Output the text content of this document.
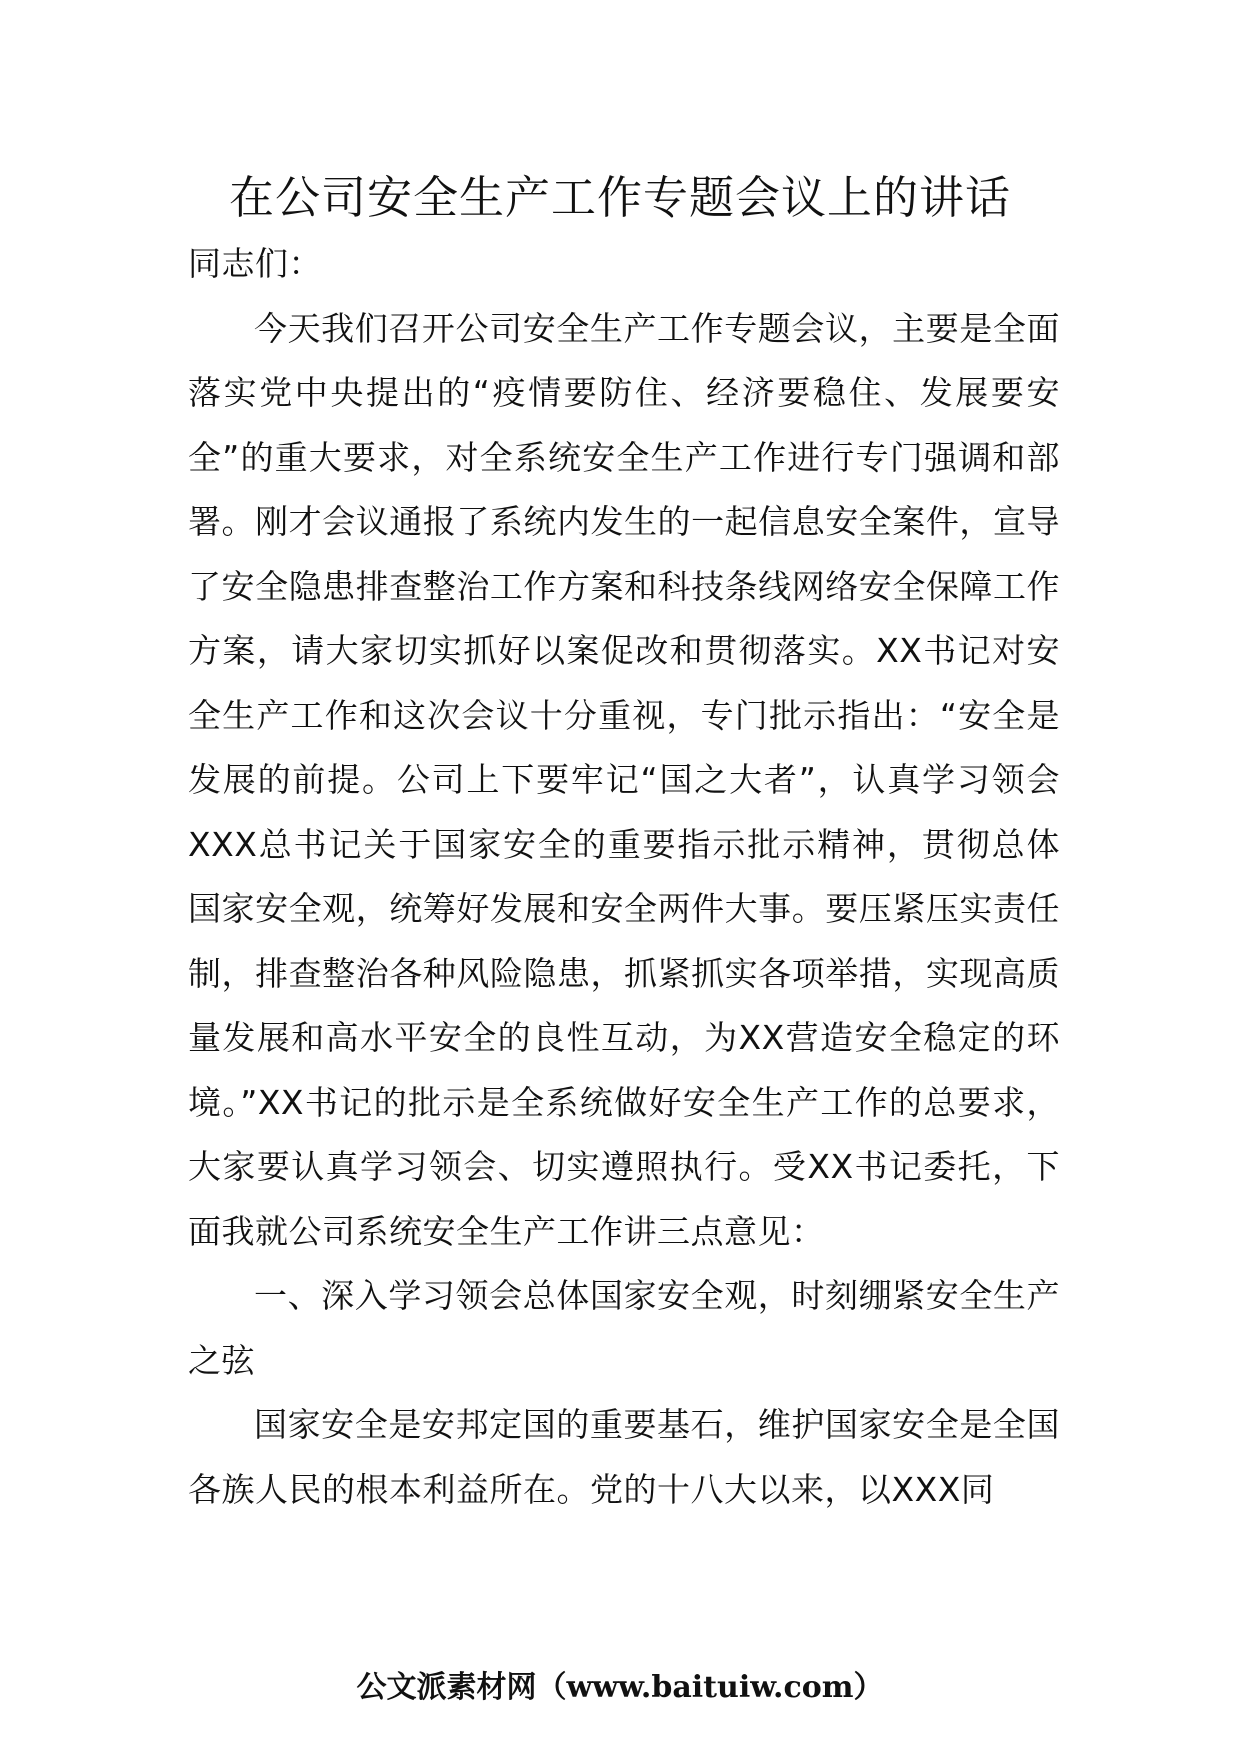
在公司安全生产工作专题会议上的讲话

同志们：

今天我们召开公司安全生产工作专题会议，主要是全面落实党中央提出的“疫情要防住、经济要稳住、发展要安全”的重大要求，对全系统安全生产工作进行专门强调和部署。刚才会议通报了系统内发生的一起信息安全案件，宣导了安全隐患排查整治工作方案和科技条线网络安全保障工作方案，请大家切实抓好以案促改和贯彻落实。XX书记对安全生产工作和这次会议十分重视，专门批示指出：“安全是发展的前提。公司上下要牢记“国之大者”，认真学习领会XXX总书记关于国家安全的重要指示批示精神，贯彻总体国家安全观，统筹好发展和安全两件大事。要压紧压实责任制，排查整治各种风险隐患，抓紧抓实各项举措，实现高质量发展和高水平安全的良性互动，为XX营造安全稳定的环境。”XX书记的批示是全系统做好安全生产工作的总要求，大家要认真学习领会、切实遵照执行。受XX书记委托，下面我就公司系统安全生产工作讲三点意见：

一、深入学习领会总体国家安全观，时刻绷紧安全生产之弦

国家安全是安邦定国的重要基石，维护国家安全是全国各族人民的根本利益所在。党的十八大以来，以XXX同

公文派素材网（www.baituiw.com）
